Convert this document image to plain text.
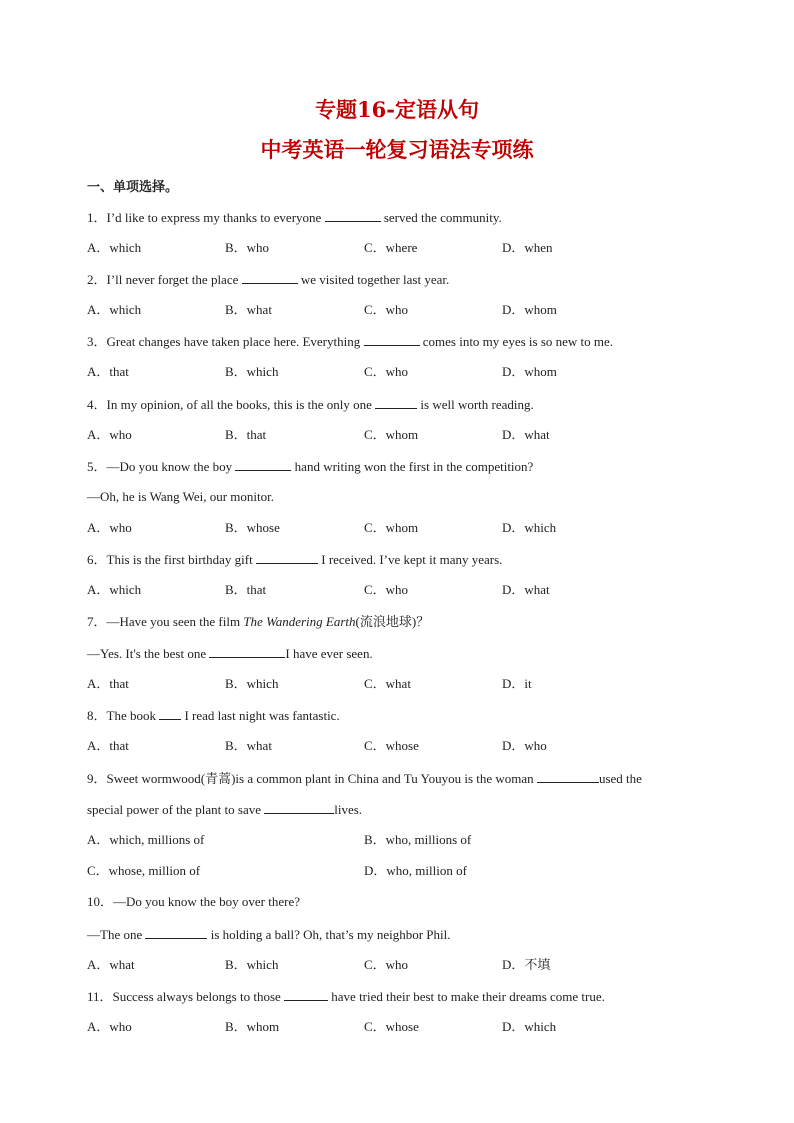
专题16-定语从句
中考英语一轮复习语法专项练
一、单项选择。
1．I’d like to express my thanks to everyone	served the community.
A．which	B．who	C．where	D．when
2．I’ll never forget the place	we visited together last year.
A．which	B．what	C．who	D．whom
3．Great changes have taken place here. Everything	comes into my eyes is so new to me.
A．that	B．which	C．who	D．whom
4．In my opinion, of all the books, this is the only one	is well worth reading.
A．who	B．that	C．whom	D．what
5．—Do you know the boy	hand writing won the first in the competition?
—Oh, he is Wang Wei, our monitor.
A．who	B．whose	C．whom	D．which
6．This is the first birthday gift	I received. I’ve kept it many years.
A．which	B．that	C．who	D．what
7．—Have you seen the film The Wandering Earth(流浪地球)？
—Yes. It's the best one	I have ever seen.
A．that	B．which	C．what	D．it
8．The book  I read last night was fantastic.
A．that	B．what	C．whose	D．who
9．Sweet wormwood(青蒿)is a common plant in China and Tu Youyou is the woman	used the
special power of the plant to save	lives.
A．which, millions of	B．who, millions of
C．whose, million of	D．who, million of
10．—Do you know the boy over there?
—The one	is holding a ball? Oh, that’s my neighbor Phil.
A．what	B．which	C．who	D．不填
11．Success always belongs to those	have tried their best to make their dreams come true.
A．who	B．whom	C．whose	D．which
